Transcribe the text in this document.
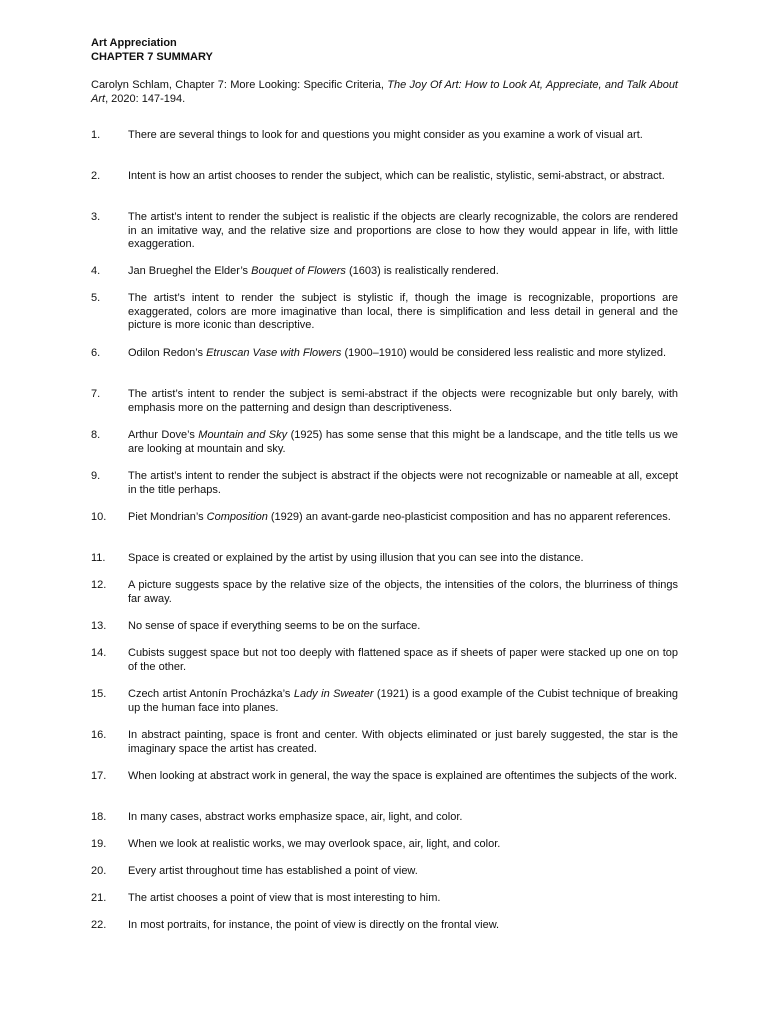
Art Appreciation
CHAPTER 7 SUMMARY
Carolyn Schlam, Chapter 7: More Looking: Specific Criteria, The Joy Of Art: How to Look At, Appreciate, and Talk About Art, 2020: 147-194.
1.	There are several things to look for and questions you might consider as you examine a work of visual art.
2.	Intent is how an artist chooses to render the subject, which can be realistic, stylistic, semi-abstract, or abstract.
3.	The artist’s intent to render the subject is realistic if the objects are clearly recognizable, the colors are rendered in an imitative way, and the relative size and proportions are close to how they would appear in life, with little exaggeration.
4.	Jan Brueghel the Elder’s Bouquet of Flowers (1603) is realistically rendered.
5.	The artist’s intent to render the subject is stylistic if, though the image is recognizable, proportions are exaggerated, colors are more imaginative than local, there is simplification and less detail in general and the picture is more iconic than descriptive.
6.	Odilon Redon’s Etruscan Vase with Flowers (1900–1910) would be considered less realistic and more stylized.
7.	The artist’s intent to render the subject is semi-abstract if the objects were recognizable but only barely, with emphasis more on the patterning and design than descriptiveness.
8.	Arthur Dove’s Mountain and Sky (1925) has some sense that this might be a landscape, and the title tells us we are looking at mountain and sky.
9.	The artist’s intent to render the subject is abstract if the objects were not recognizable or nameable at all, except in the title perhaps.
10.	Piet Mondrian’s Composition (1929) an avant-garde neo-plasticist composition and has no apparent references.
11.	Space is created or explained by the artist by using illusion that you can see into the distance.
12.	A picture suggests space by the relative size of the objects, the intensities of the colors, the blurriness of things far away.
13.	No sense of space if everything seems to be on the surface.
14.	Cubists suggest space but not too deeply with flattened space as if sheets of paper were stacked up one on top of the other.
15.	Czech artist Antonín Procházka’s Lady in Sweater (1921) is a good example of the Cubist technique of breaking up the human face into planes.
16.	In abstract painting, space is front and center. With objects eliminated or just barely suggested, the star is the imaginary space the artist has created.
17.	When looking at abstract work in general, the way the space is explained are oftentimes the subjects of the work.
18.	In many cases, abstract works emphasize space, air, light, and color.
19.	When we look at realistic works, we may overlook space, air, light, and color.
20.	Every artist throughout time has established a point of view.
21.	The artist chooses a point of view that is most interesting to him.
22.	In most portraits, for instance, the point of view is directly on the frontal view.
